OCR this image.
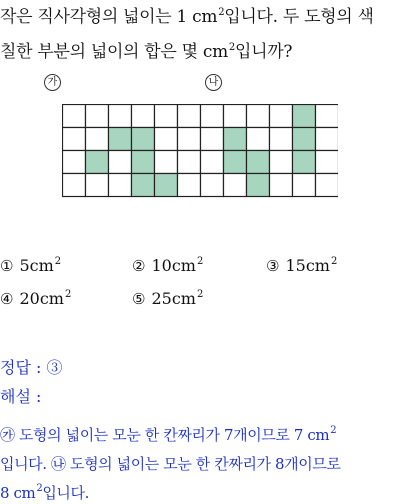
작은 직사각형의 넓이는 1 $cm^2$입니다. 두 도형의 색
칠한 부분의 넓이의 합은 몇 $cm^2$입니까?
가	나
① $5cm^2$	② $10cm^2$	③ $15cm^2$
④ $20cm^2$	⑤ $25cm^2$
정답 : ③
해설 :
㉮ 도형의 넓이는 모눈 한 칸짜리가 7개이므로 7 $cm^2$
입니다. ㉯ 도형의 넓이는 모눈 한 칸짜리가 8개이므로
8 $cm^2$입니다.
